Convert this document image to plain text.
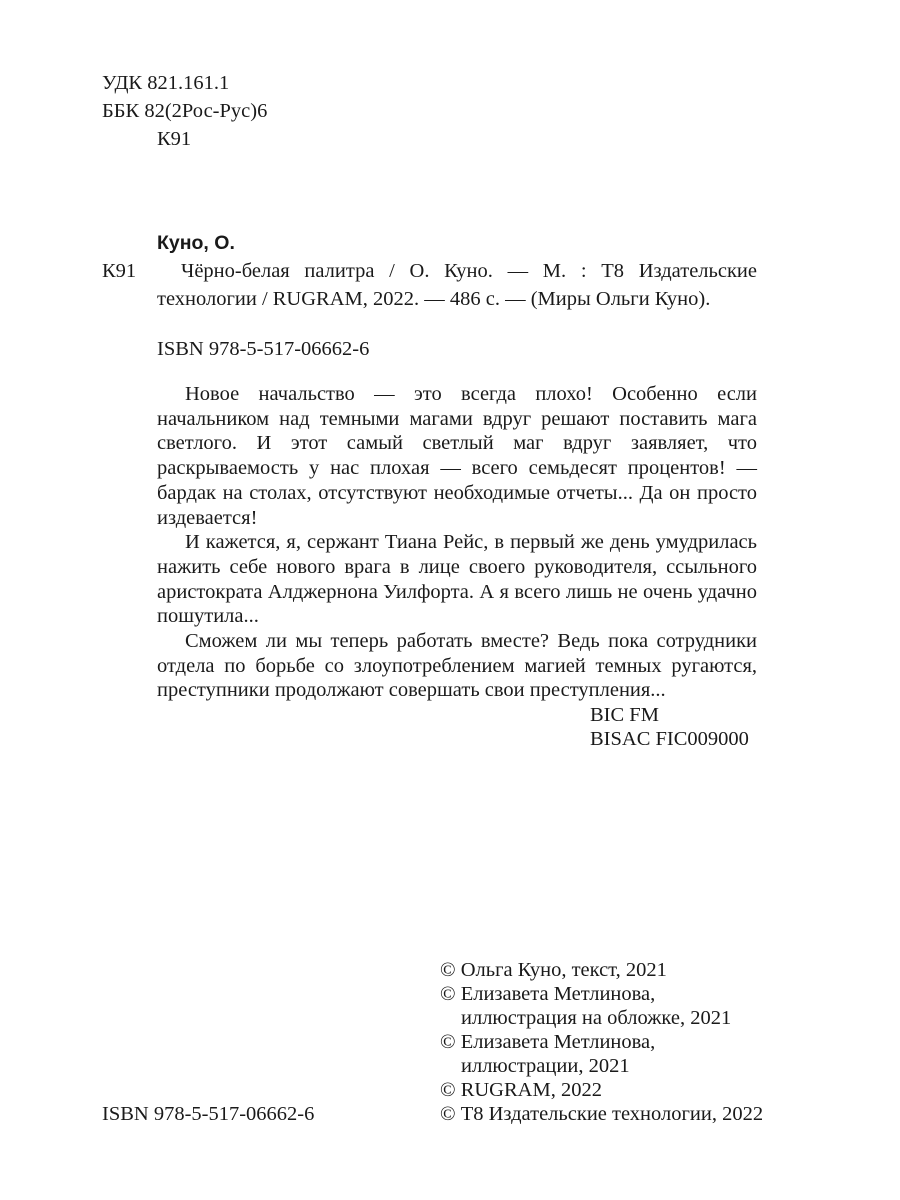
УДК 821.161.1
ББК 82(2Рос-Рус)6
К91
Куно, О.
К91 Чёрно-белая палитра / О. Куно. — М. : Т8 Издательские
технологии / RUGRAM, 2022. — 486 с. — (Миры Ольги Куно).
ISBN 978-5-517-06662-6

Новое начальство — это всегда плохо! Особенно если начальником над темными магами вдруг решают поставить мага светлого. И этот самый светлый маг вдруг заявляет, что раскрываемость у нас плохая — всего семьдесят процентов! — бардак на столах, отсутствуют необходимые отчеты... Да он просто издевается!

И кажется, я, сержант Тиана Рейс, в первый же день умудрилась нажить себе нового врага в лице своего руководителя, ссыльного аристократа Алджернона Уилфорта. А я всего лишь не очень удачно пошутила...

Сможем ли мы теперь работать вместе? Ведь пока сотрудники отдела по борьбе со злоупотреблением магией темных ругаются, преступники продолжают совершать свои преступления...

BIC FM
BISAC FIC009000
ISBN 978-5-517-06662-6
© Ольга Куно, текст, 2021
© Елизавета Метлинова,
иллюстрация на обложке, 2021
© Елизавета Метлинова,
иллюстрации, 2021
© RUGRAM, 2022
© Т8 Издательские технологии, 2022
